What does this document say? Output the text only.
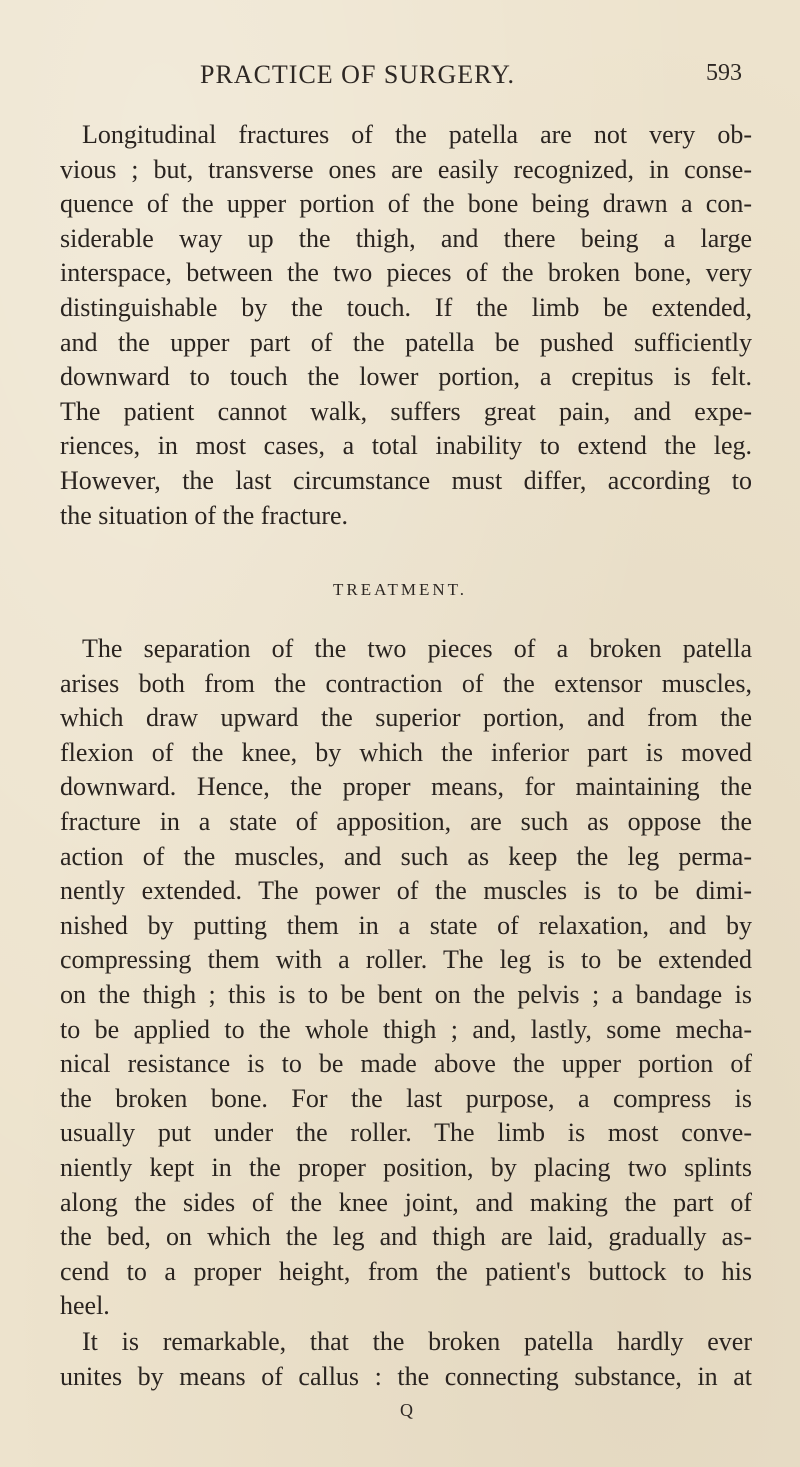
PRACTICE OF SURGERY.	593
Longitudinal fractures of the patella are not very ob-
vious ; but, transverse ones are easily recognized, in conse-
quence of the upper portion of the bone being drawn a con-
siderable way up the thigh, and there being a large
interspace, between the two pieces of the broken bone, very
distinguishable by the touch. If the limb be extended,
and the upper part of the patella be pushed sufficiently
downward to touch the lower portion, a crepitus is felt.
The patient cannot walk, suffers great pain, and expe-
riences, in most cases, a total inability to extend the leg.
However, the last circumstance must differ, according to
the situation of the fracture.
TREATMENT.
The separation of the two pieces of a broken patella
arises both from the contraction of the extensor muscles,
which draw upward the superior portion, and from the
flexion of the knee, by which the inferior part is moved
downward. Hence, the proper means, for maintaining the
fracture in a state of apposition, are such as oppose the
action of the muscles, and such as keep the leg perma-
nently extended. The power of the muscles is to be dimi-
nished by putting them in a state of relaxation, and by
compressing them with a roller. The leg is to be extended
on the thigh ; this is to be bent on the pelvis ; a bandage is
to be applied to the whole thigh ; and, lastly, some mecha-
nical resistance is to be made above the upper portion of
the broken bone. For the last purpose, a compress is
usually put under the roller. The limb is most conve-
niently kept in the proper position, by placing two splints
along the sides of the knee joint, and making the part of
the bed, on which the leg and thigh are laid, gradually as-
cend to a proper height, from the patient's buttock to his
heel.
It is remarkable, that the broken patella hardly ever
unites by means of callus : the connecting substance, in at
Q
